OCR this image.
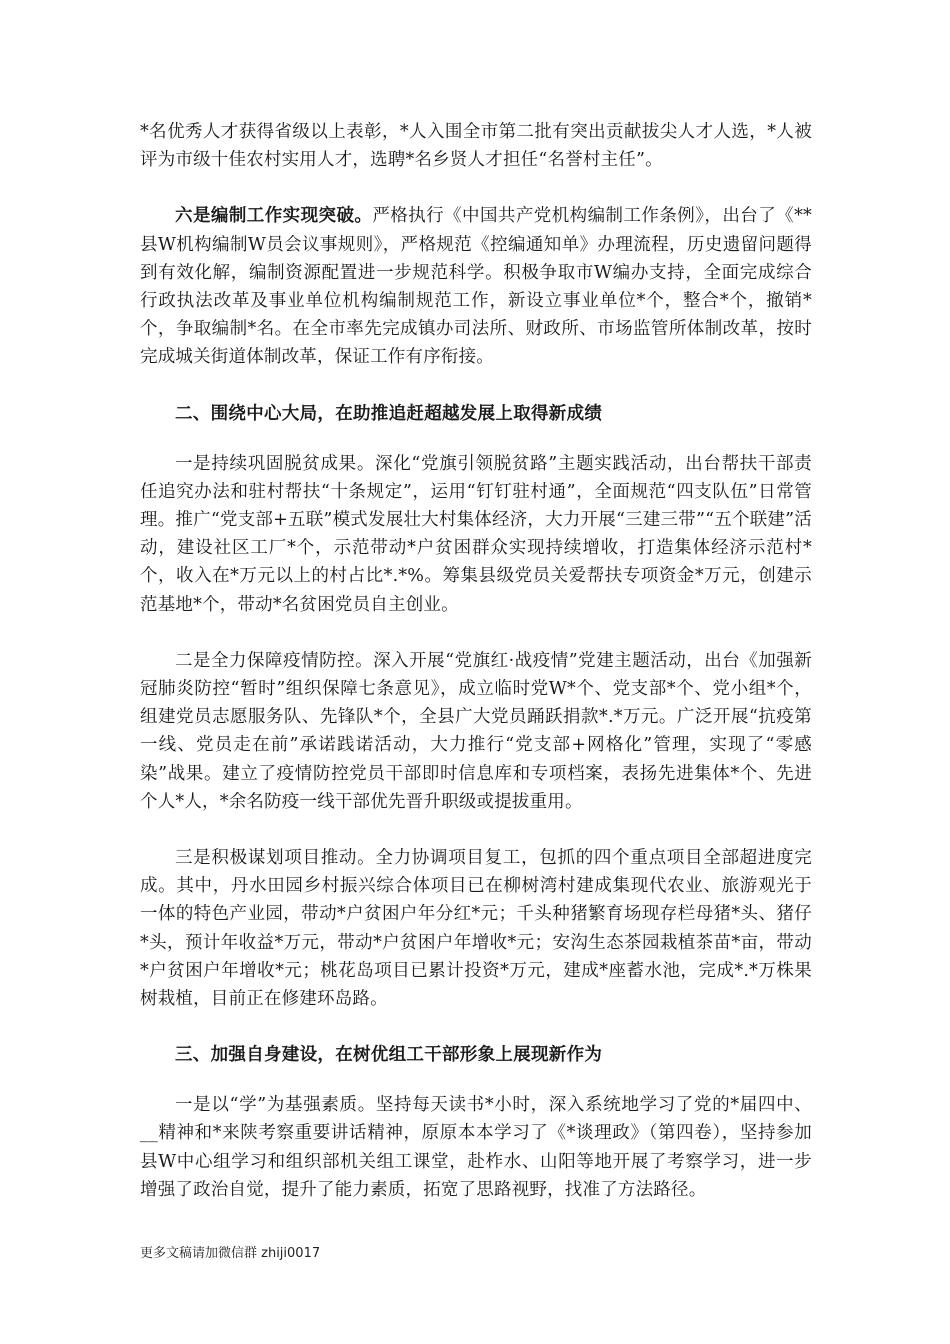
*名优秀人才获得省级以上表彰，*人入围全市第二批有突出贡献拔尖人才人选，*人被评为市级十佳农村实用人才，选聘*名乡贤人才担任“名誉村主任”。

六是编制工作实现突破。严格执行《中国共产党机构编制工作条例》，出台了《**县W机构编制W员会议事规则》，严格规范《控编通知单》办理流程，历史遗留问题得到有效化解，编制资源配置进一步规范科学。积极争取市W编办支持，全面完成综合行政执法改革及事业单位机构编制规范工作，新设立事业单位*个，整合*个，撤销*个，争取编制*名。在全市率先完成镇办司法所、财政所、市场监管所体制改革，按时完成城关街道体制改革，保证工作有序衔接。

二、围绕中心大局，在助推追赶超越发展上取得新成绩

一是持续巩固脱贫成果。深化“党旗引领脱贫路”主题实践活动，出台帮扶干部责任追究办法和驻村帮扶“十条规定”，运用“钉钉驻村通”，全面规范“四支队伍”日常管理。推广“党支部+五联”模式发展壮大村集体经济，大力开展“三建三带”“五个联建”活动，建设社区工厂*个，示范带动*户贫困群众实现持续增收，打造集体经济示范村*个，收入在*万元以上的村占比*.*%。筹集县级党员关爱帮扶专项资金*万元，创建示范基地*个，带动*名贫困党员自主创业。

二是全力保障疫情防控。深入开展“党旗红·战疫情”党建主题活动，出台《加强新冠肺炎防控“暂时”组织保障七条意见》，成立临时党W*个、党支部*个、党小组*个，组建党员志愿服务队、先锋队*个，全县广大党员踊跃捐款*.*万元。广泛开展“抗疫第一线、党员走在前”承诺践诺活动，大力推行“党支部+网格化”管理，实现了“零感染”战果。建立了疫情防控党员干部即时信息库和专项档案，表扬先进集体*个、先进个人*人，*余名防疫一线干部优先晋升职级或提拔重用。

三是积极谋划项目推动。全力协调项目复工，包抓的四个重点项目全部超进度完成。其中，丹水田园乡村振兴综合体项目已在柳树湾村建成集现代农业、旅游观光于一体的特色产业园，带动*户贫困户年分红*元；千头种猪繁育场现存栏母猪*头、猪仔*头，预计年收益*万元，带动*户贫困户年增收*元；安沟生态茶园栽植茶苗*亩，带动*户贫困户年增收*元；桃花岛项目已累计投资*万元，建成*座蓄水池，完成*.*万株果树栽植，目前正在修建环岛路。

三、加强自身建设，在树优组工干部形象上展现新作为

一是以“学”为基强素质。坚持每天读书*小时，深入系统地学习了党的*届四中、__精神和*来陕考察重要讲话精神，原原本本学习了《*谈理政》（第四卷），坚持参加县W中心组学习和组织部机关组工课堂，赴柞水、山阳等地开展了考察学习，进一步增强了政治自觉，提升了能力素质，拓宽了思路视野，找准了方法路径。

更多文稿请加微信群 zhiji0017
